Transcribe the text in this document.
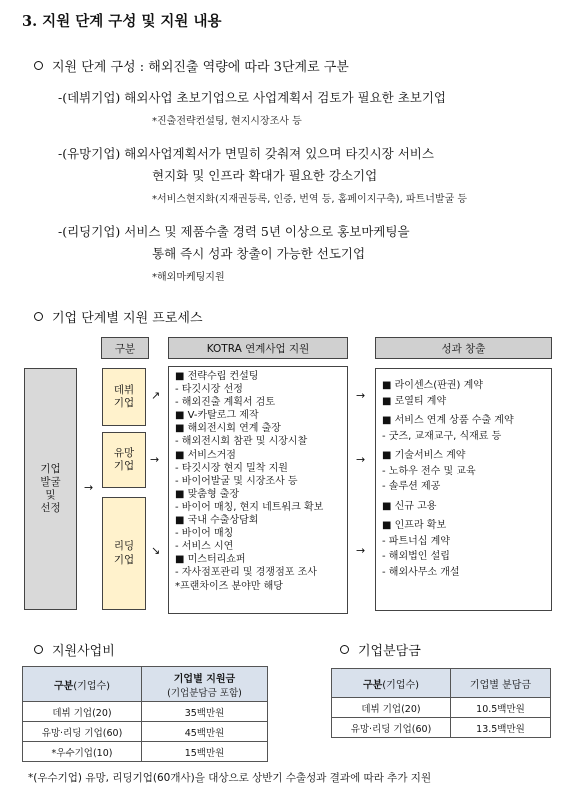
3. 지원 단계 구성 및 지원 내용
지원 단계 구성 : 해외진출 역량에 따라 3단계로 구분
-(데뷔기업) 해외사업 초보기업으로 사업계획서 검토가 필요한 초보기업
*진출전략컨설팅, 현지시장조사 등
-(유망기업) 해외사업계획서가 면밀히 갖춰져 있으며 타깃시장 서비스
현지화 및 인프라 확대가 필요한 강소기업
*서비스현지화(지재권등록, 인증, 번역 등, 홈페이지구축), 파트너발굴 등
-(리딩기업) 서비스 및 제품수출 경력 5년 이상으로 홍보마케팅을
통해 즉시 성과 창출이 가능한 선도기업
*해외마케팅지원
기업 단계별 지원 프로세스
구분	KOTRA 연계사업 지원	성과 창출
기업
발굴
및
선정
→
데뷔
기업
유망
기업
리딩
기업
↗
→
↘
■ 전략수립 컨설팅
- 타깃시장 선정
- 해외진출 계획서 검토
■ V-카탈로그 제작
■ 해외전시회 연계 출장
- 해외전시회 참관 및 시장시찰
■ 서비스거점
- 타깃시장 현지 밀착 지원
- 바이어발굴 및 시장조사 등
■ 맞춤형 출장
- 바이어 매칭, 현지 네트워크 확보
■ 국내 수출상담회
- 바이어 매칭
- 서비스 시연
■ 미스터리쇼퍼
- 자사점포관리 및 경쟁점포 조사
*프랜차이즈 분야만 해당
→
→
→
■ 라이센스(판권) 계약
■ 로열티 계약
■ 서비스 연계 상품 수출 계약
- 굿즈, 교재교구, 식재료 등
■ 기술서비스 계약
- 노하우 전수 및 교육
- 솔루션 제공
■ 신규 고용
■ 인프라 확보
- 파트너십 계약
- 해외법인 설립
- 해외사무소 개설
지원사업비
구분(기업수)	기업별 지원금
(기업분담금 포함)

데뷔 기업(20)	35백만원
유망·리딩 기업(60)	45백만원
*우수기업(10)	15백만원
기업분담금
구분(기업수)	기업별 분담금
데뷔 기업(20)	10.5백만원
유망·리딩 기업(60)	13.5백만원
*(우수기업) 유망, 리딩기업(60개사)을 대상으로 상반기 수출성과 결과에 따라 추가 지원
